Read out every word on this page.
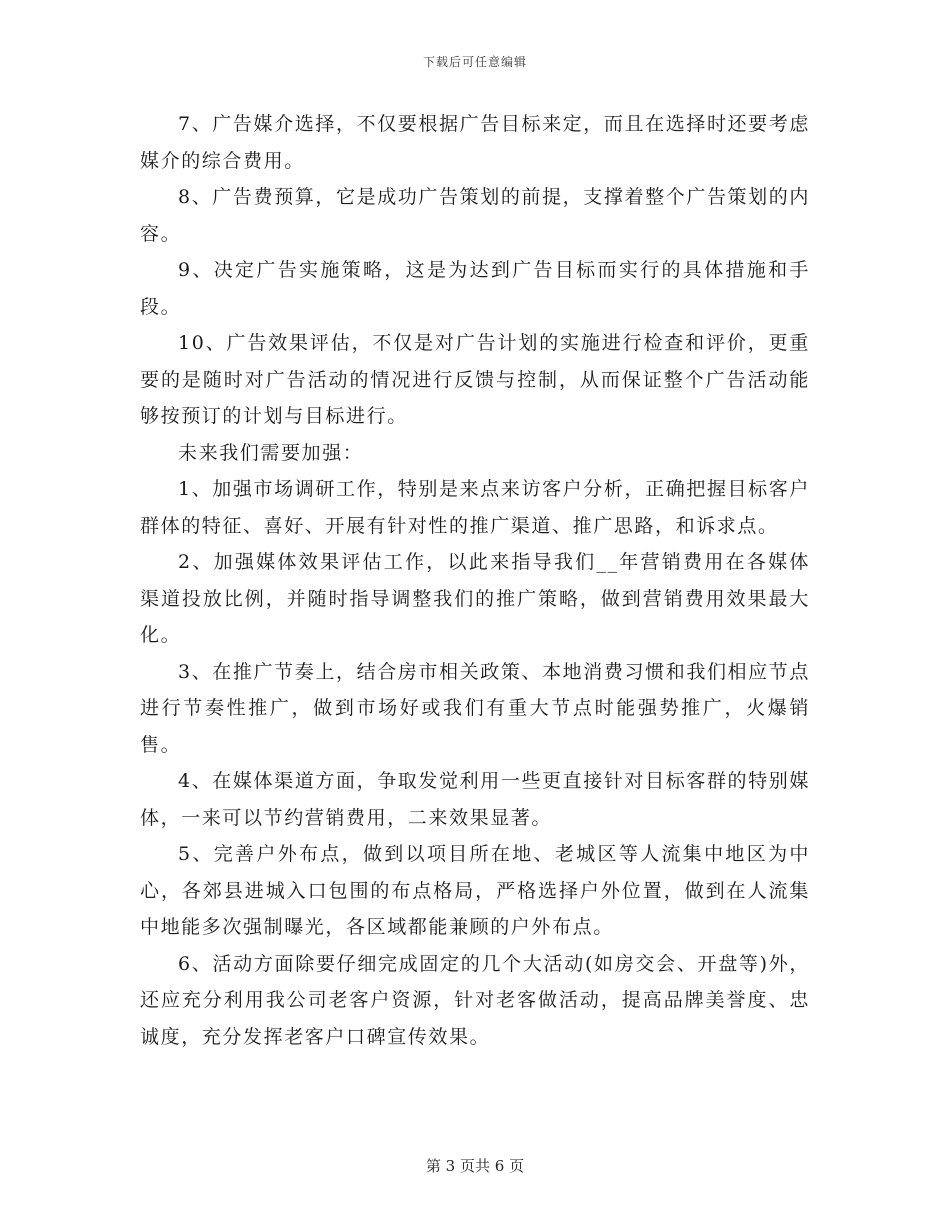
下载后可任意编辑

7、广告媒介选择，不仅要根据广告目标来定，而且在选择时还要考虑媒介的综合费用。

8、广告费预算，它是成功广告策划的前提，支撑着整个广告策划的内容。

9、决定广告实施策略，这是为达到广告目标而实行的具体措施和手段。

10、广告效果评估，不仅是对广告计划的实施进行检查和评价，更重要的是随时对广告活动的情况进行反馈与控制，从而保证整个广告活动能够按预订的计划与目标进行。

未来我们需要加强：

1、加强市场调研工作，特别是来点来访客户分析，正确把握目标客户群体的特征、喜好、开展有针对性的推广渠道、推广思路，和诉求点。

2、加强媒体效果评估工作，以此来指导我们__年营销费用在各媒体渠道投放比例，并随时指导调整我们的推广策略，做到营销费用效果最大化。

3、在推广节奏上，结合房市相关政策、本地消费习惯和我们相应节点进行节奏性推广，做到市场好或我们有重大节点时能强势推广，火爆销售。

4、在媒体渠道方面，争取发觉利用一些更直接针对目标客群的特别媒体，一来可以节约营销费用，二来效果显著。

5、完善户外布点，做到以项目所在地、老城区等人流集中地区为中心，各郊县进城入口包围的布点格局，严格选择户外位置，做到在人流集中地能多次强制曝光，各区域都能兼顾的户外布点。

6、活动方面除要仔细完成固定的几个大活动(如房交会、开盘等)外，还应充分利用我公司老客户资源，针对老客做活动，提高品牌美誉度、忠诚度，充分发挥老客户口碑宣传效果。

第 3 页共 6 页
